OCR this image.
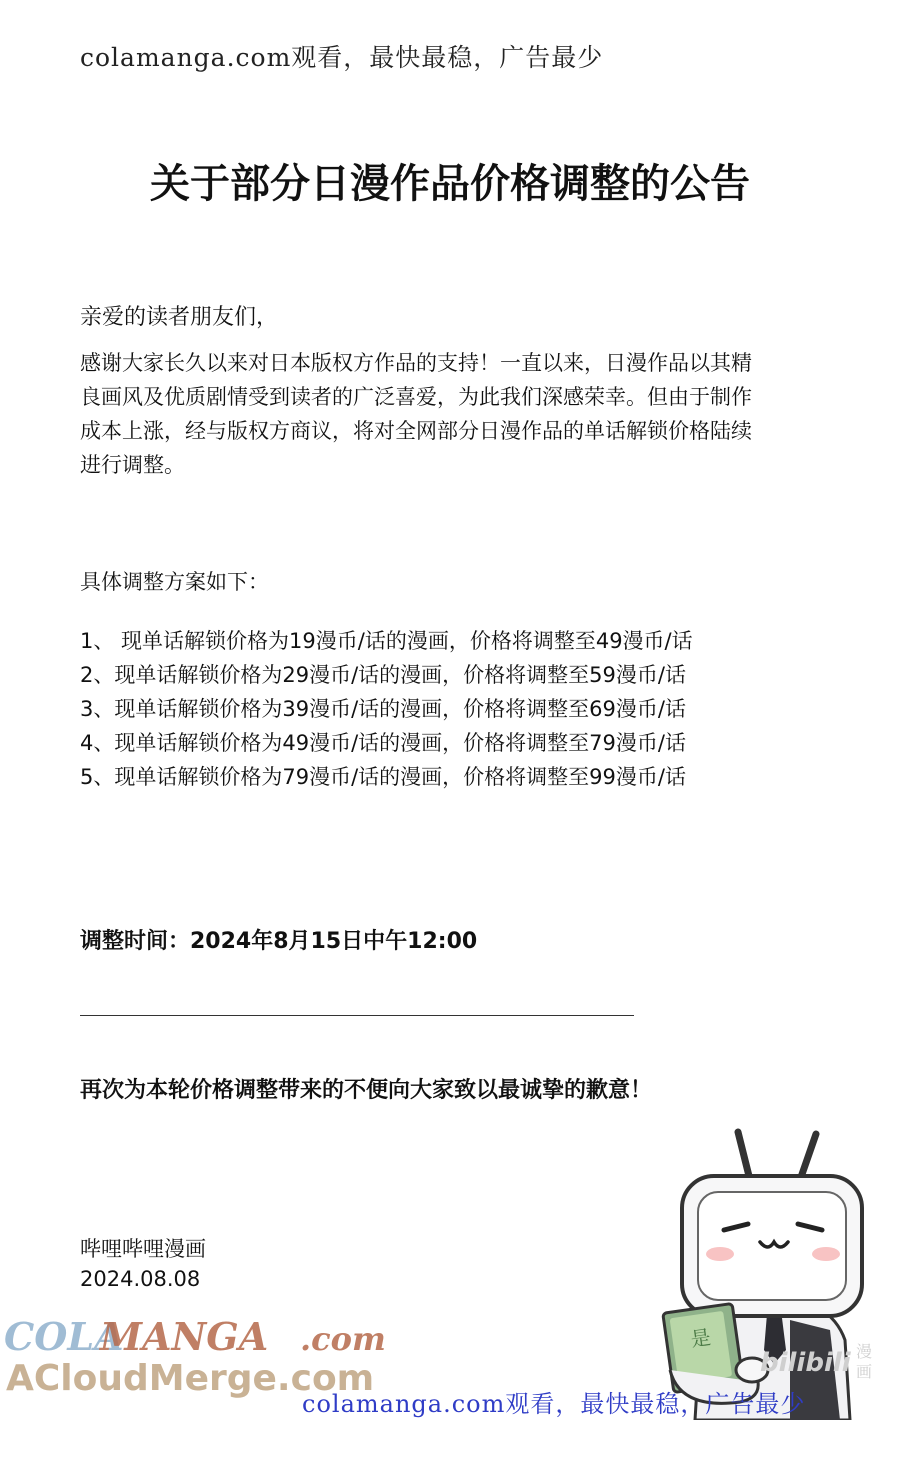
colamanga.com观看，最快最稳，广告最少
关于部分日漫作品价格调整的公告
亲爱的读者朋友们，

感谢大家长久以来对日本版权方作品的支持！一直以来，日漫作品以其精
良画风及优质剧情受到读者的广泛喜爱，为此我们深感荣幸。但由于制作
成本上涨，经与版权方商议，将对全网部分日漫作品的单话解锁价格陆续
进行调整。

具体调整方案如下：
1、 现单话解锁价格为19漫币/话的漫画，价格将调整至49漫币/话
2、现单话解锁价格为29漫币/话的漫画，价格将调整至59漫币/话
3、现单话解锁价格为39漫币/话的漫画，价格将调整至69漫币/话
4、现单话解锁价格为49漫币/话的漫画，价格将调整至79漫币/话
5、现单话解锁价格为79漫币/话的漫画，价格将调整至99漫币/话
调整时间：2024年8月15日中午12:00
再次为本轮价格调整带来的不便向大家致以最诚挚的歉意！
哔哩哔哩漫画
2024.08.08
COLA
MANGA .com
ACloudMerge.com
是
bilibili 漫
画
colamanga.com观看，最快最稳，广告最少
